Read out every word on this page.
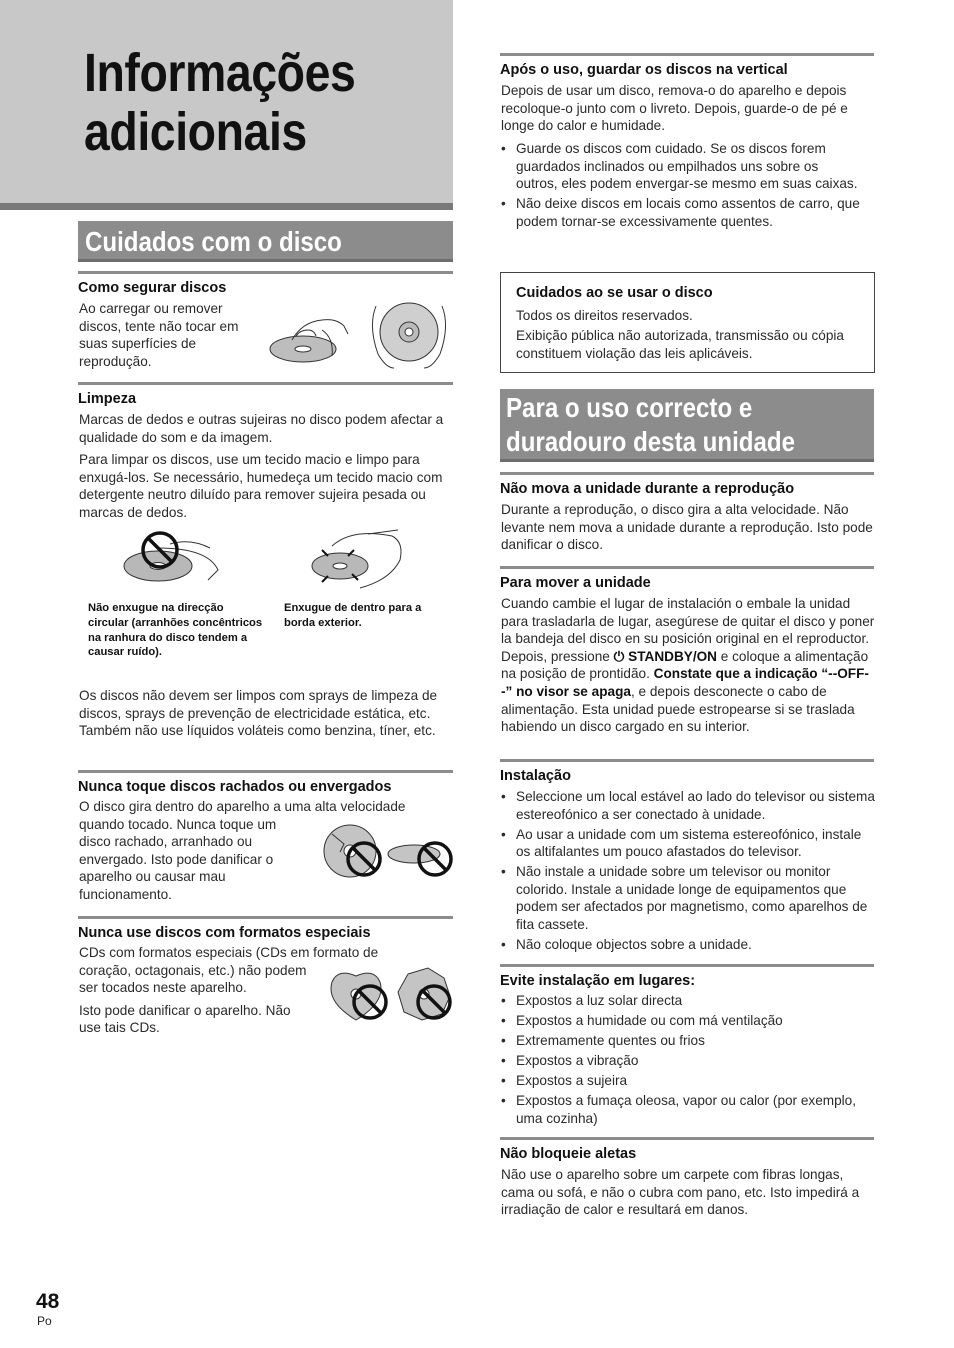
Informações
adicionais
Cuidados com o disco
Como segurar discos
Ao carregar ou remover
discos, tente não tocar em
suas superfícies de
reprodução.
Limpeza
Marcas de dedos e outras sujeiras no disco podem afectar a qualidade do som e da imagem.
Para limpar os discos, use um tecido macio e limpo para enxugá-los. Se necessário, humedeça um tecido macio com detergente neutro diluído para remover sujeira pesada ou marcas de dedos.
Não enxugue na direcção circular (arranhões concêntricos na ranhura do disco tendem a causar ruído).
Enxugue de dentro para a borda exterior.
Os discos não devem ser limpos com sprays de limpeza de discos, sprays de prevenção de electricidade estática, etc. Também não use líquidos voláteis como benzina, tíner, etc.
Nunca toque discos rachados ou envergados
O disco gira dentro do aparelho a uma alta velocidade
quando tocado. Nunca toque um
disco rachado, arranhado ou
envergado. Isto pode danificar o
aparelho ou causar mau
funcionamento.
Nunca use discos com formatos especiais
CDs com formatos especiais (CDs em formato de
coração, octagonais, etc.) não podem
ser tocados neste aparelho.
Isto pode danificar o aparelho. Não
use tais CDs.
Após o uso, guardar os discos na vertical
Depois de usar um disco, remova-o do aparelho e depois recoloque-o junto com o livreto. Depois, guarde-o de pé e longe do calor e humidade.
• Guarde os discos com cuidado. Se os discos forem guardados inclinados ou empilhados uns sobre os outros, eles podem envergar-se mesmo em suas caixas.
• Não deixe discos em locais como assentos de carro, que podem tornar-se excessivamente quentes.
Cuidados ao se usar o disco
Todos os direitos reservados.
Exibição pública não autorizada, transmissão ou cópia constituem violação das leis aplicáveis.
Para o uso correcto e
duradouro desta unidade
Não mova a unidade durante a reprodução
Durante a reprodução, o disco gira a alta velocidade. Não levante nem mova a unidade durante a reprodução. Isto pode danificar o disco.
Para mover a unidade
Cuando cambie el lugar de instalación o embale la unidad para trasladarla de lugar, asegúrese de quitar el disco y poner la bandeja del disco en su posición original en el reproductor. Depois, pressione ⏻ STANDBY/ON e coloque a alimentação na posição de prontidão. Constate que a indicação “--OFF--” no visor se apaga, e depois desconecte o cabo de alimentação. Esta unidad puede estropearse si se traslada habiendo un disco cargado en su interior.
Instalação
• Seleccione um local estável ao lado do televisor ou sistema estereofónico a ser conectado à unidade.
• Ao usar a unidade com um sistema estereofónico, instale os altifalantes um pouco afastados do televisor.
• Não instale a unidade sobre um televisor ou monitor colorido. Instale a unidade longe de equipamentos que podem ser afectados por magnetismo, como aparelhos de fita cassete.
• Não coloque objectos sobre a unidade.
Evite instalação em lugares:
• Expostos a luz solar directa
• Expostos a humidade ou com má ventilação
• Extremamente quentes ou frios
• Expostos a vibração
• Expostos a sujeira
• Expostos a fumaça oleosa, vapor ou calor (por exemplo, uma cozinha)
Não bloqueie aletas
Não use o aparelho sobre um carpete com fibras longas, cama ou sofá, e não o cubra com pano, etc. Isto impedirá a irradiação de calor e resultará em danos.
48
Po
